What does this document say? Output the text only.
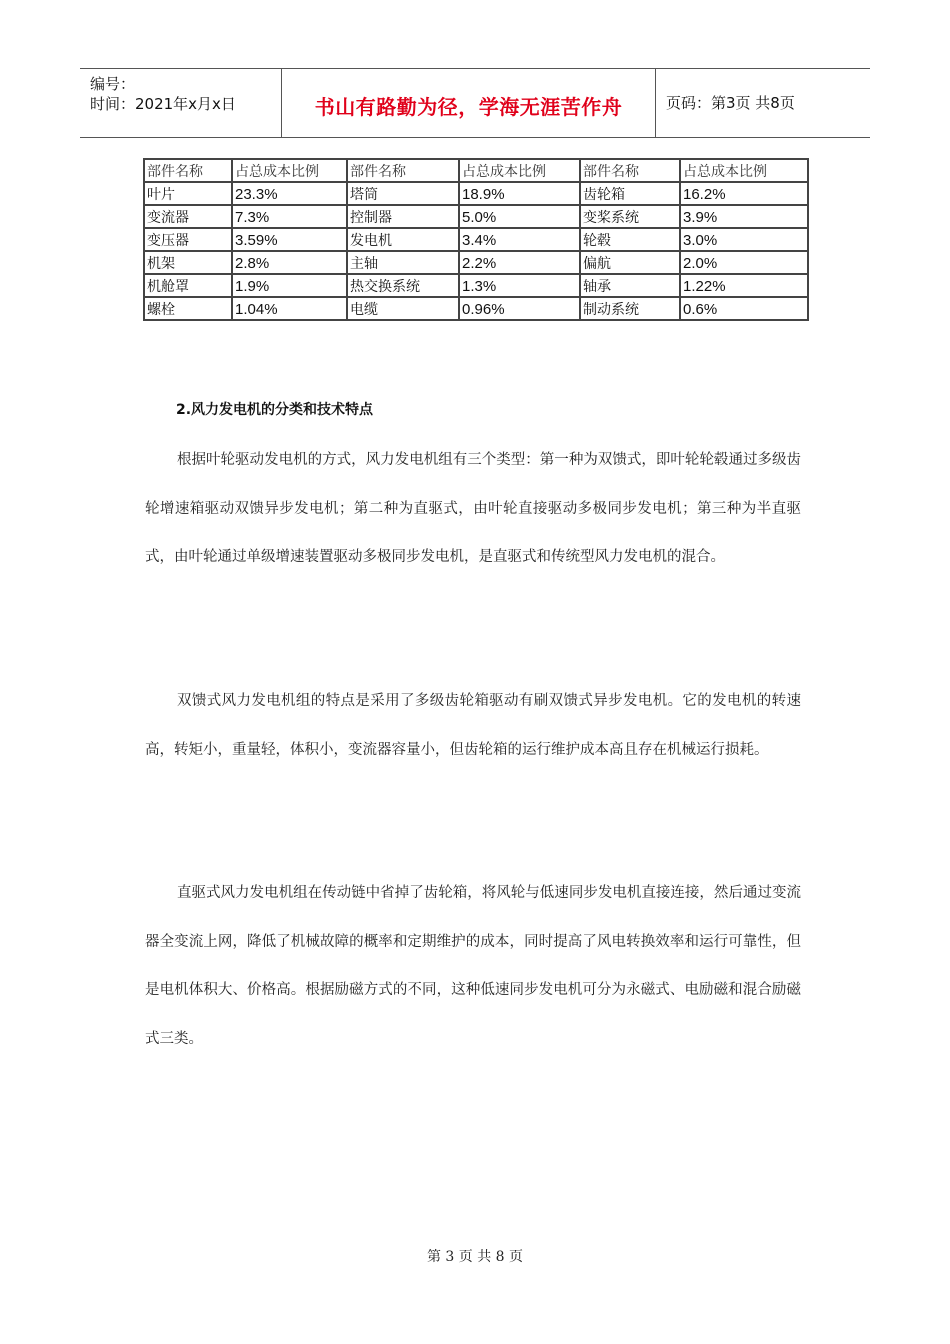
编号：
时间：2021年x月x日	书山有路勤为径，学海无涯苦作舟	页码：第3页 共8页
部件名称	占总成本比例	部件名称	占总成本比例	部件名称	占总成本比例
叶片	23.3%	塔筒	18.9%	齿轮箱	16.2%
变流器	7.3%	控制器	5.0%	变桨系统	3.9%
变压器	3.59%	发电机	3.4%	轮毂	3.0%
机架	2.8%	主轴	2.2%	偏航	2.0%
机舱罩	1.9%	热交换系统	1.3%	轴承	1.22%
螺栓	1.04%	电缆	0.96%	制动系统	0.6%
2.风力发电机的分类和技术特点

根据叶轮驱动发电机的方式，风力发电机组有三个类型：第一种为双馈式，即叶轮轮毂通过多级齿轮增速箱驱动双馈异步发电机；第二种为直驱式，由叶轮直接驱动多极同步发电机；第三种为半直驱式，由叶轮通过单级增速装置驱动多极同步发电机，是直驱式和传统型风力发电机的混合。

双馈式风力发电机组的特点是采用了多级齿轮箱驱动有刷双馈式异步发电机。它的发电机的转速高，转矩小，重量轻，体积小，变流器容量小，但齿轮箱的运行维护成本高且存在机械运行损耗。

直驱式风力发电机组在传动链中省掉了齿轮箱，将风轮与低速同步发电机直接连接，然后通过变流器全变流上网，降低了机械故障的概率和定期维护的成本，同时提高了风电转换效率和运行可靠性，但是电机体积大、价格高。根据励磁方式的不同，这种低速同步发电机可分为永磁式、电励磁和混合励磁式三类。

第 3 页 共 8 页
